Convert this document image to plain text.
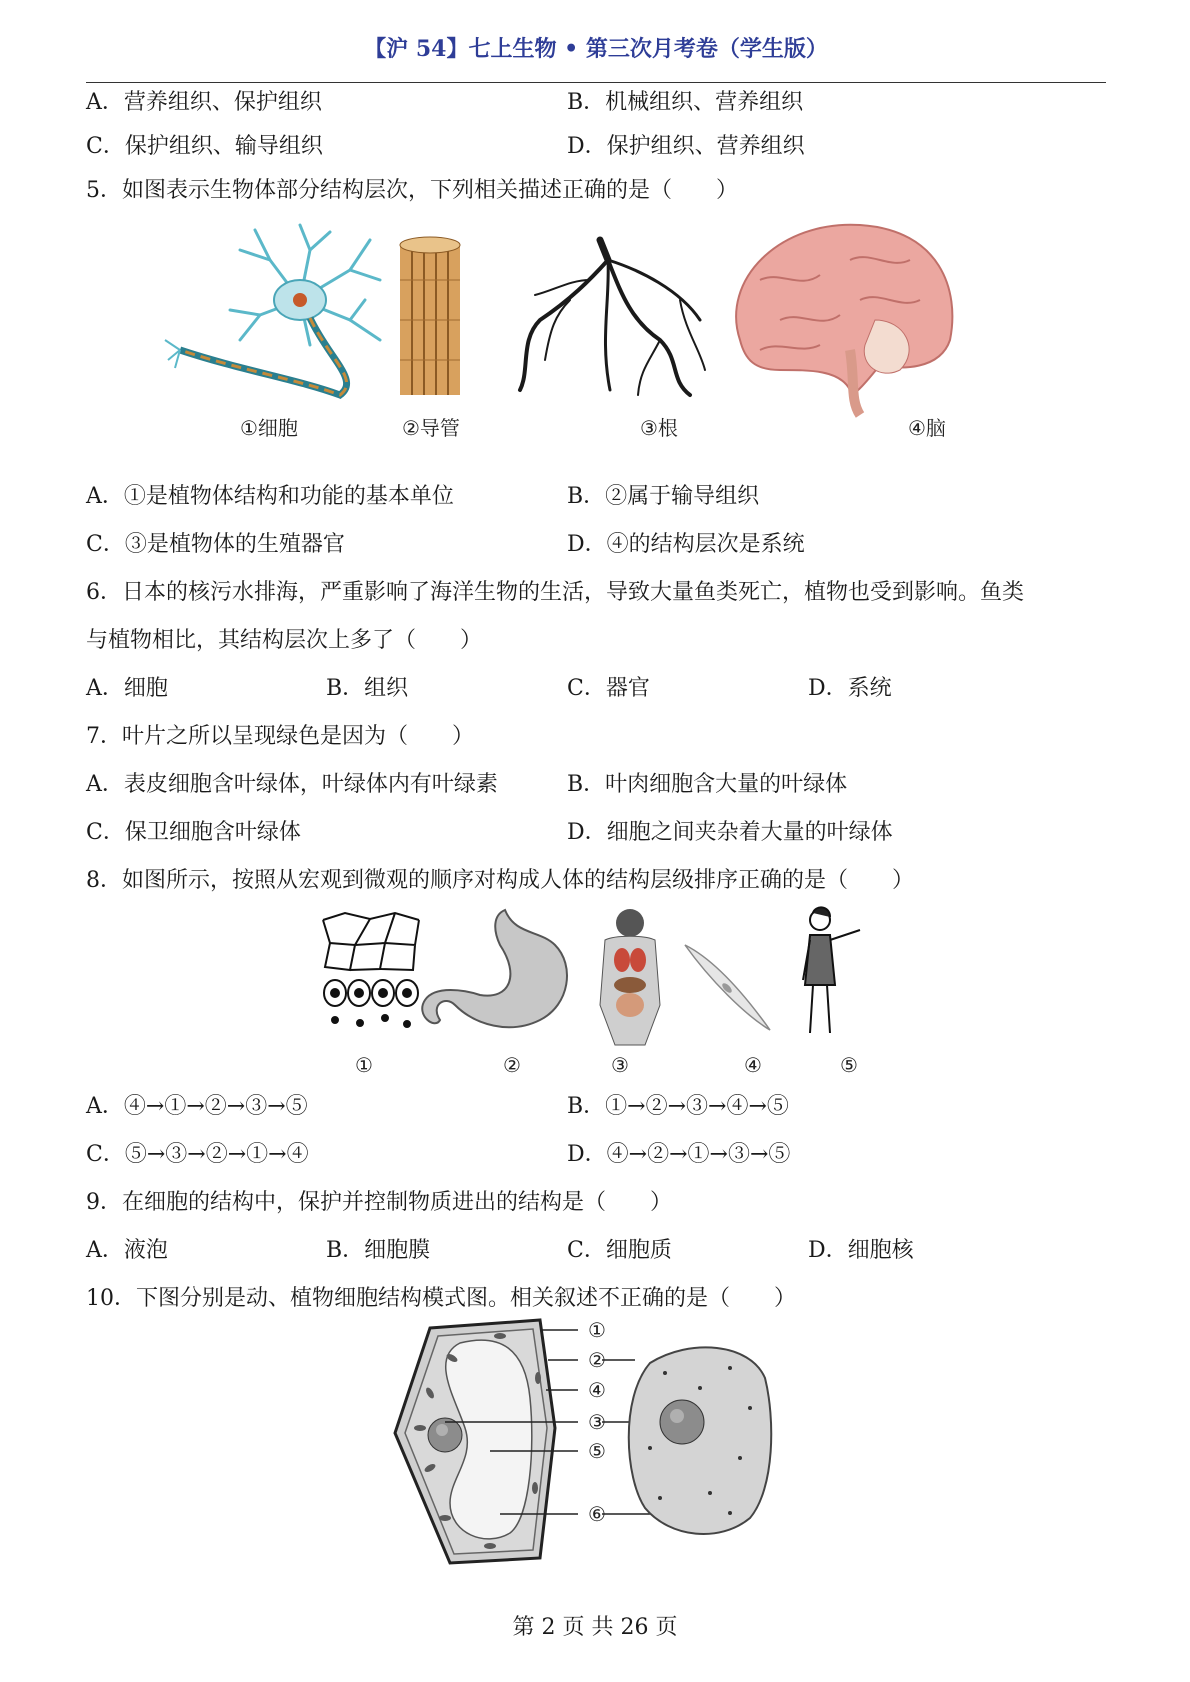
【沪 54】七上生物 • 第三次月考卷（学生版）
A．营养组织、保护组织	B．机械组织、营养组织
C．保护组织、输导组织	D．保护组织、营养组织
5．如图表示生物体部分结构层次，下列相关描述正确的是（　　）
①细胞	②导管	③根	④脑
A．①是植物体结构和功能的基本单位	B．②属于输导组织
C．③是植物体的生殖器官	D．④的结构层次是系统
6．日本的核污水排海，严重影响了海洋生物的生活，导致大量鱼类死亡，植物也受到影响。鱼类
与植物相比，其结构层次上多了（　　）
A．细胞	B．组织	C．器官	D．系统
7．叶片之所以呈现绿色是因为（　　）
A．表皮细胞含叶绿体，叶绿体内有叶绿素	B．叶肉细胞含大量的叶绿体
C．保卫细胞含叶绿体	D．细胞之间夹杂着大量的叶绿体
8．如图所示，按照从宏观到微观的顺序对构成人体的结构层级排序正确的是（　　）
①	②	③	④	⑤
A．④→①→②→③→⑤	B．①→②→③→④→⑤
C．⑤→③→②→①→④	D．④→②→①→③→⑤
9．在细胞的结构中，保护并控制物质进出的结构是（　　）
A．液泡	B．细胞膜	C．细胞质	D．细胞核
10．下图分别是动、植物细胞结构模式图。相关叙述不正确的是（　　）
①
②
④
③
⑤
⑥
第 2 页 共 26 页
